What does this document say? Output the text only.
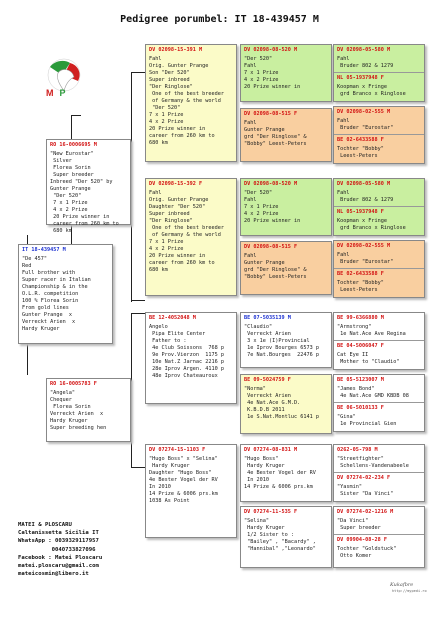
Pedigree porumbel: IT 18-439457 M
MP
RO 16-0006695 M
"New Eurostar"
Silver
Florea Sorin
Super breeder
Inbreed "Der 520" by
Gunter Prange
"Der 520"
7 x 1 Prize
4 x 2 Prize
20 Prize winner in
career from 260 km to
680 km
IT 18-439457 M
"De 457"
Red
Full brother with
Super racer in Italian
Championship & in the
O.L.R. competition
100 % Florea Sorin
From gold lines
Gunter Prange  x
Verreckt Arien  x
Hardy Kruger
RO 16-0005783 F
"Angela"
Chequer
Florea Sorin
Verreckt Arien  x
Hardy Kruger
Super breeding hen
DV 02098-15-391 M
Fahl
Orig. Gunter Prange
Son "Der 520"
Super inbreed
"Der Ringlose"
One of the best breeder
of Germany & the world
"Der 520"
7 x 1 Prize
4 x 2 Prize
20 Prize winner in
career from 260 km to
680 km
DV 02098-15-392 F
Fahl
Orig. Gunter Prange
Daughter "Der 520"
Super inbreed
"Der Ringlose"
One of the best breeder
of Germany & the world
7 x 1 Prize
4 x 2 Prize
20 Prize winner in
career from 260 km to
680 km
BE 12-4052048 M
Angelo
Pipa Elite Center
Father to :
4e Club Soissons  768 p
9e Prov.Vierzon  1175 p
10e Nat.Z Jarnac 2216 p
28e Iprov Argen. 4110 p
48e Iprov Chateauroux
DV 07274-15-1103 F
"Hugo Boss" x "Selina"
Hardy Kruger
Daughter "Hugo Boss"
4e Bester Vogel der RV
In 2010
14 Prize & 6006 prs.km
1038 As Point
DV 02098-08-520 M
"Der 520"
Fahl
7 x 1 Prize
4 x 2 Prize
20 Prize winner in
DV 02098-08-515 F
Fahl
Gunter Prange
grd "Der Ringlose" &
"Bobby" Leest-Peters
DV 02098-08-520 M
"Der 520"
Fahl
7 x 1 Prize
4 x 2 Prize
20 Prize winner in
DV 02098-08-515 F
Fahl
Gunter Prange
grd "Der Ringlose" &
"Bobby" Leest-Peters
BE 07-5035139 M
"Claudio"
Verreckt Arien
3 x 1e (I)Provincial
1e Iprov Bourges 6573 p
7e Nat.Bourges  22476 p
BE 09-5024759 F
"Norma"
Verreckt Arien
4e Nat.Ace G.M.D.
K.B.D.B 2011
1e S.Nat.Montluc 6141 p
DV 07274-08-831 M
"Hugo Boss"
Hardy Kruger
4e Bester Vogel der RV
In 2010
14 Prize & 6006 prs.km
DV 07274-11-535 F
"Selina"
Hardy Kruger
1/2 Sister to :
"Bailey" , "Bacardy" ,
"Hannibal" ,"Leonardo"
DV 02098-05-580 M
Fahl
Bruder 802 & 1279
NL 05-1937948 F
Koopman x Fringe
grd Branco x Ringlose
DV 02098-02-555 M
Fahl
Bruder "Eurostar"
BE 02-6433588 F
Tochter "Bobby"
Leest-Peters
DV 02098-05-580 M
Fahl
Bruder 802 & 1279
NL 05-1937948 F
Koopman x Fringe
grd Branco x Ringlose
DV 02098-02-555 M
Fahl
Bruder "Eurostar"
BE 02-6433588 F
Tochter "Bobby"
Leest-Peters
BE 99-6366880 M
"Armstrong"
1e Nat.Ace Ave Regina
BE 04-5006047 F
Cat Eye II
Mother to "Claudio"
BE 05-5123007 M
"James Bond"
4e Nat.Ace GMD KBDB 08
BE 06-5010133 F
"Gina"
1e Provincial Gien
0262-05-798 M
"Streetfighter"
Schellens-Vandenabeele
DV 07274-02-234 F
"Yasmin"
Sister "Da Vinci"
DV 07274-02-1216 M
"Da Vinci"
Super breeder
DV 09904-08-28 F
Tochter "Goldstuck"
Otto Komer
MATEI & PLOSCARU
Caltanissetta Sicilia IT
WhatsApp : 0039329117957
0040733827096
Facebook : Matei Ploscaru
matei.ploscaru@gmail.com
mateicosmin@libero.it
Kukafbre
http://mypedi.ro
